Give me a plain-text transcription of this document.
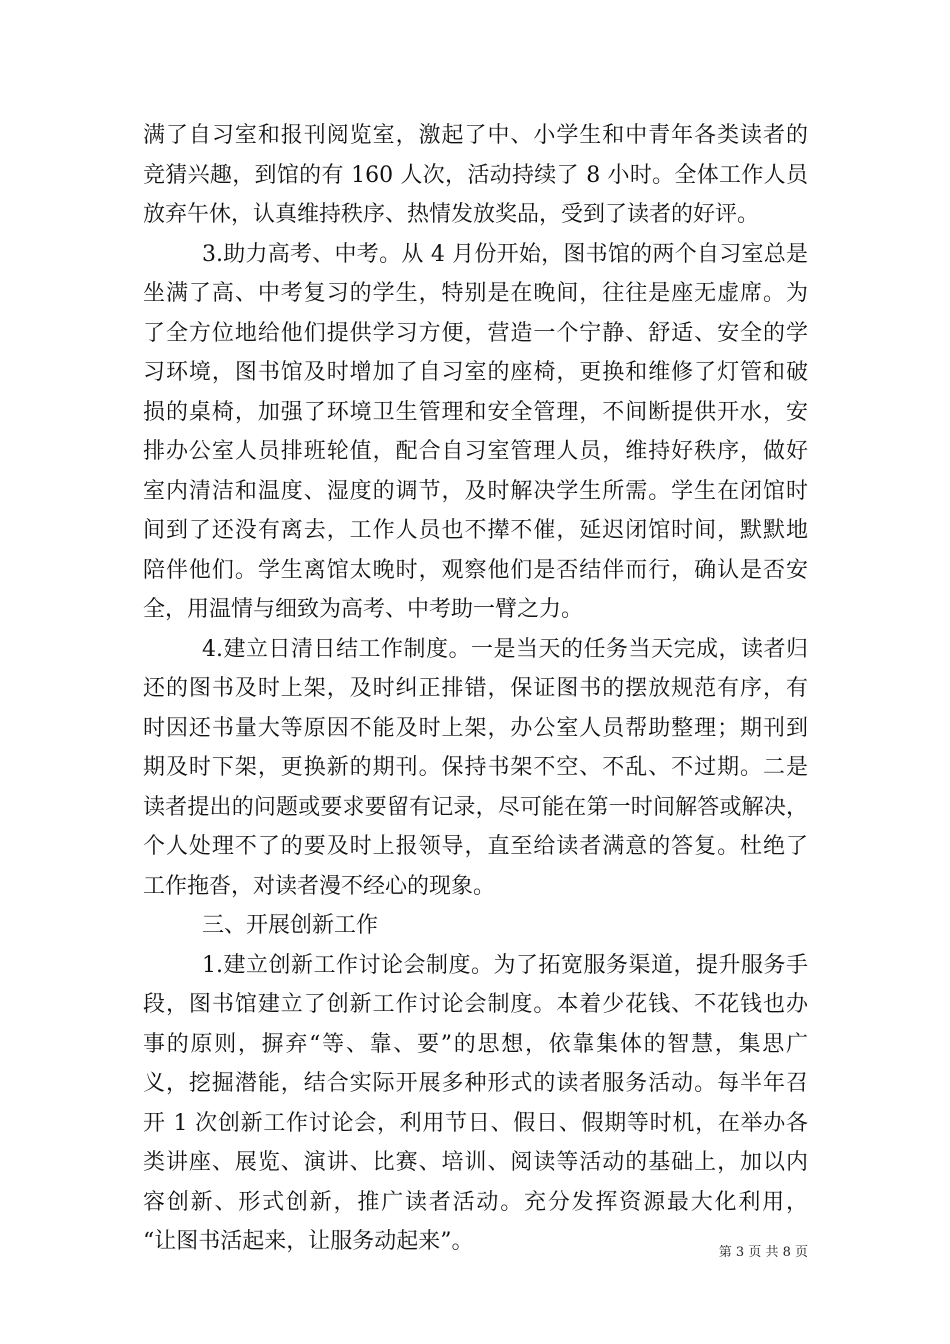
满了自习室和报刊阅览室，激起了中、小学生和中青年各类读者的
竞猜兴趣，到馆的有 160 人次，活动持续了 8 小时。全体工作人员
放弃午休，认真维持秩序、热情发放奖品，受到了读者的好评。
3.助力高考、中考。从 4 月份开始，图书馆的两个自习室总是
坐满了高、中考复习的学生，特别是在晚间，往往是座无虚席。为
了全方位地给他们提供学习方便，营造一个宁静、舒适、安全的学
习环境，图书馆及时增加了自习室的座椅，更换和维修了灯管和破
损的桌椅，加强了环境卫生管理和安全管理，不间断提供开水，安
排办公室人员排班轮值，配合自习室管理人员，维持好秩序，做好
室内清洁和温度、湿度的调节，及时解决学生所需。学生在闭馆时
间到了还没有离去，工作人员也不撵不催，延迟闭馆时间，默默地
陪伴他们。学生离馆太晚时，观察他们是否结伴而行，确认是否安
全，用温情与细致为高考、中考助一臂之力。
4.建立日清日结工作制度。一是当天的任务当天完成，读者归
还的图书及时上架，及时纠正排错，保证图书的摆放规范有序，有
时因还书量大等原因不能及时上架，办公室人员帮助整理；期刊到
期及时下架，更换新的期刊。保持书架不空、不乱、不过期。二是
读者提出的问题或要求要留有记录，尽可能在第一时间解答或解决，
个人处理不了的要及时上报领导，直至给读者满意的答复。杜绝了
工作拖沓，对读者漫不经心的现象。
三、开展创新工作
1.建立创新工作讨论会制度。为了拓宽服务渠道，提升服务手
段，图书馆建立了创新工作讨论会制度。本着少花钱、不花钱也办
事的原则，摒弃“等、靠、要”的思想，依靠集体的智慧，集思广
义，挖掘潜能，结合实际开展多种形式的读者服务活动。每半年召
开 1 次创新工作讨论会，利用节日、假日、假期等时机，在举办各
类讲座、展览、演讲、比赛、培训、阅读等活动的基础上，加以内
容创新、形式创新，推广读者活动。充分发挥资源最大化利用，
“让图书活起来，让服务动起来”。	第 3 页 共 8 页
